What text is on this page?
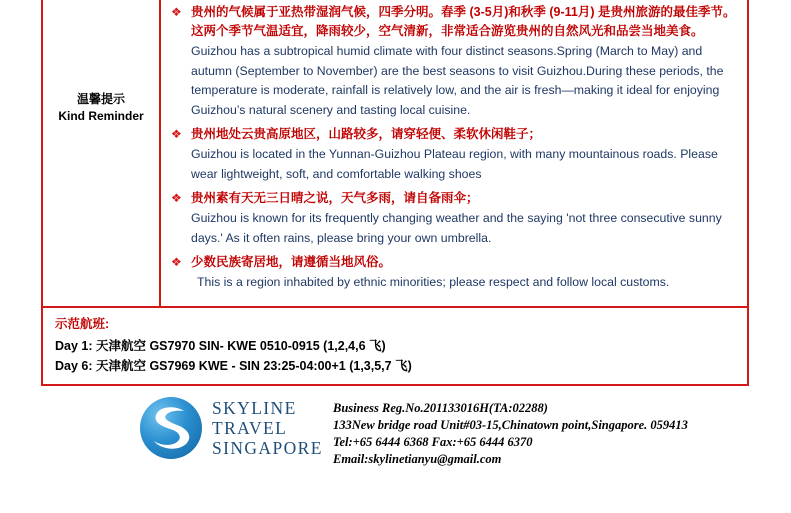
温馨提示
Kind Reminder
❖ 贵州的气候属于亚热带湿润气候，四季分明。春季 (3-5月)和秋季 (9-11月) 是贵州旅游的最佳季节。这两个季节气温适宜，降雨较少，空气清新，非常适合游览贵州的自然风光和品尝当地美食。

Guizhou has a subtropical humid climate with four distinct seasons.Spring (March to May) and autumn (September to November) are the best seasons to visit Guizhou.During these periods, the temperature is moderate, rainfall is relatively low, and the air is fresh—making it ideal for enjoying Guizhou’s natural scenery and tasting local cuisine.

❖ 贵州地处云贵高原地区，山路较多，请穿轻便、柔软休闲鞋子；

Guizhou is located in the Yunnan-Guizhou Plateau region, with many mountainous roads. Please wear lightweight, soft, and comfortable walking shoes

❖ 贵州素有天无三日晴之说，天气多雨，请自备雨伞；

Guizhou is known for its frequently changing weather and the saying 'not three consecutive sunny days.' As it often rains, please bring your own umbrella.

❖ 少数民族寄居地，请遵循当地风俗。

This is a region inhabited by ethnic minorities; please respect and follow local customs.

示范航班:

Day 1: 天津航空 GS7970 SIN- KWE 0510-0915 (1,2,4,6 飞)

Day 6: 天津航空 GS7969 KWE - SIN 23:25-04:00+1 (1,3,5,7 飞)

SKYLINE
TRAVEL
SINGAPORE
Business Reg.No.201133016H(TA:02288)
133New bridge road Unit#03-15,Chinatown point,Singapore. 059413
Tel:+65 6444 6368 Fax:+65 6444 6370
Email:skylinetianyu@gmail.com
